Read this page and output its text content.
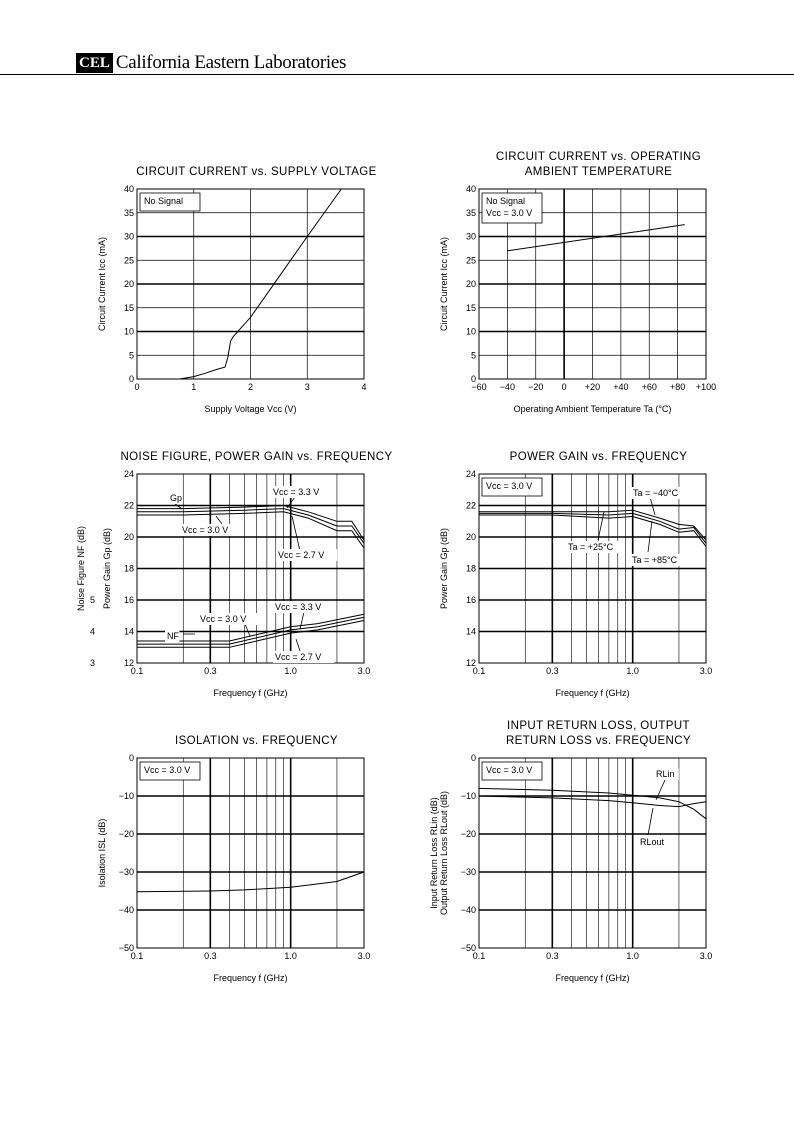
CEL California Eastern Laboratories
0	1	2	3	4
0
5
10
15
20
25
30
35
40
CIRCUIT CURRENT vs. SUPPLY VOLTAGE
Supply Voltage Vcc (V)
Circuit Current Icc (mA)
No Signal
−60 −40 −20 0 +20 +40 +60 +80 +100
0
5
10
15
20
25
30
35
40
CIRCUIT CURRENT vs. OPERATING
AMBIENT TEMPERATURE
Operating Ambient Temperature Ta (°C)
Circuit Current Icc (mA)
No Signal
Vcc = 3.0 V
0.1	0.3	1.0	3.0
12
14
16
18
20
22
24
3
4
5
NOISE FIGURE, POWER GAIN vs. FREQUENCY
Frequency f (GHz)
Noise Figure NF (dB) Power Gain Gp (dB)
Gp
Vcc = 3.3 V
Vcc = 3.0 V
Vcc = 2.7 V
NF
Vcc = 3.0 V
Vcc = 3.3 V
Vcc = 2.7 V
0.1	0.3	1.0	3.0
12
14
16
18
20
22
24
POWER GAIN vs. FREQUENCY
Frequency f (GHz)
Power Gain Gp (dB)
Vcc = 3.0 V
Ta = −40°C
Ta = +25°C
Ta = +85°C
0.1	0.3	1.0	3.0
−50
−40
−30
−20
−10
0
ISOLATION vs. FREQUENCY
Frequency f (GHz)
Isolation ISL (dB)
Vcc = 3.0 V
0.1	0.3	1.0	3.0
−50
−40
−30
−20
−10
0
INPUT RETURN LOSS, OUTPUT
RETURN LOSS vs. FREQUENCY
Frequency f (GHz)
Input Return Loss RLin (dB) Output Return Loss RLout (dB)
Vcc = 3.0 V	RLin
RLout
